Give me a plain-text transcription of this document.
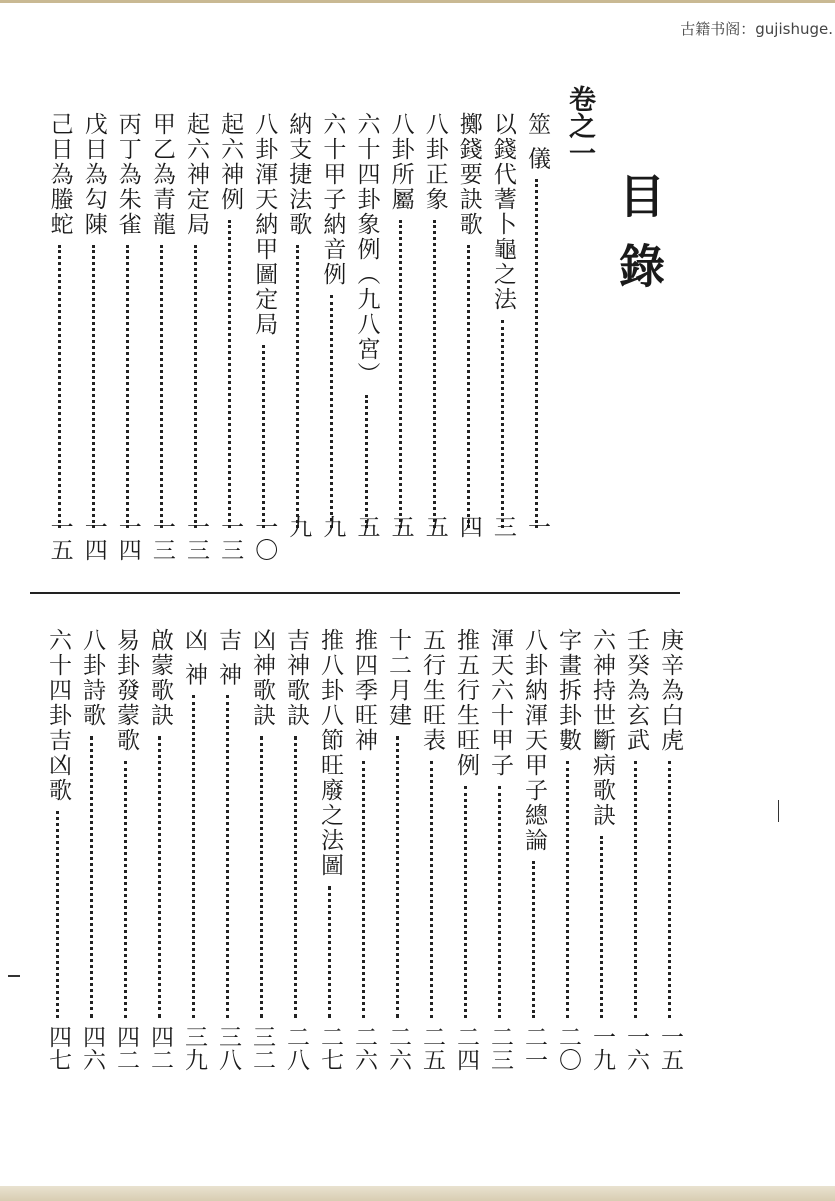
古籍书阁：gujishuge.
目錄
卷之一
筮 儀
一
以錢代蓍卜龜之法
三
擲錢要訣歌
四
八卦正象
五
八卦所屬
五
六十四卦象例（九八宮）
五
六十甲子納音例
九
納支捷法歌
九
八卦渾天納甲圖定局
一〇
起六神例
一三
起六神定局
一三
甲乙為青龍
一三
丙丁為朱雀
一四
戊日為勾陳
一四
己日為螣蛇
一五
庚辛為白虎
一五
壬癸為玄武
一六
六神持世斷病歌訣
一九
字畫拆卦數
二〇
八卦納渾天甲子總論
二一
渾天六十甲子
二三
推五行生旺例
二四
五行生旺表
二五
十二月建
二六
推四季旺神
二六
推八卦八節旺廢之法圖
二七
吉神歌訣
二八
凶神歌訣
三二
吉 神
三八
凶 神
三九
啟蒙歌訣
四二
易卦發蒙歌
四二
八卦詩歌
四六
六十四卦吉凶歌
四七
